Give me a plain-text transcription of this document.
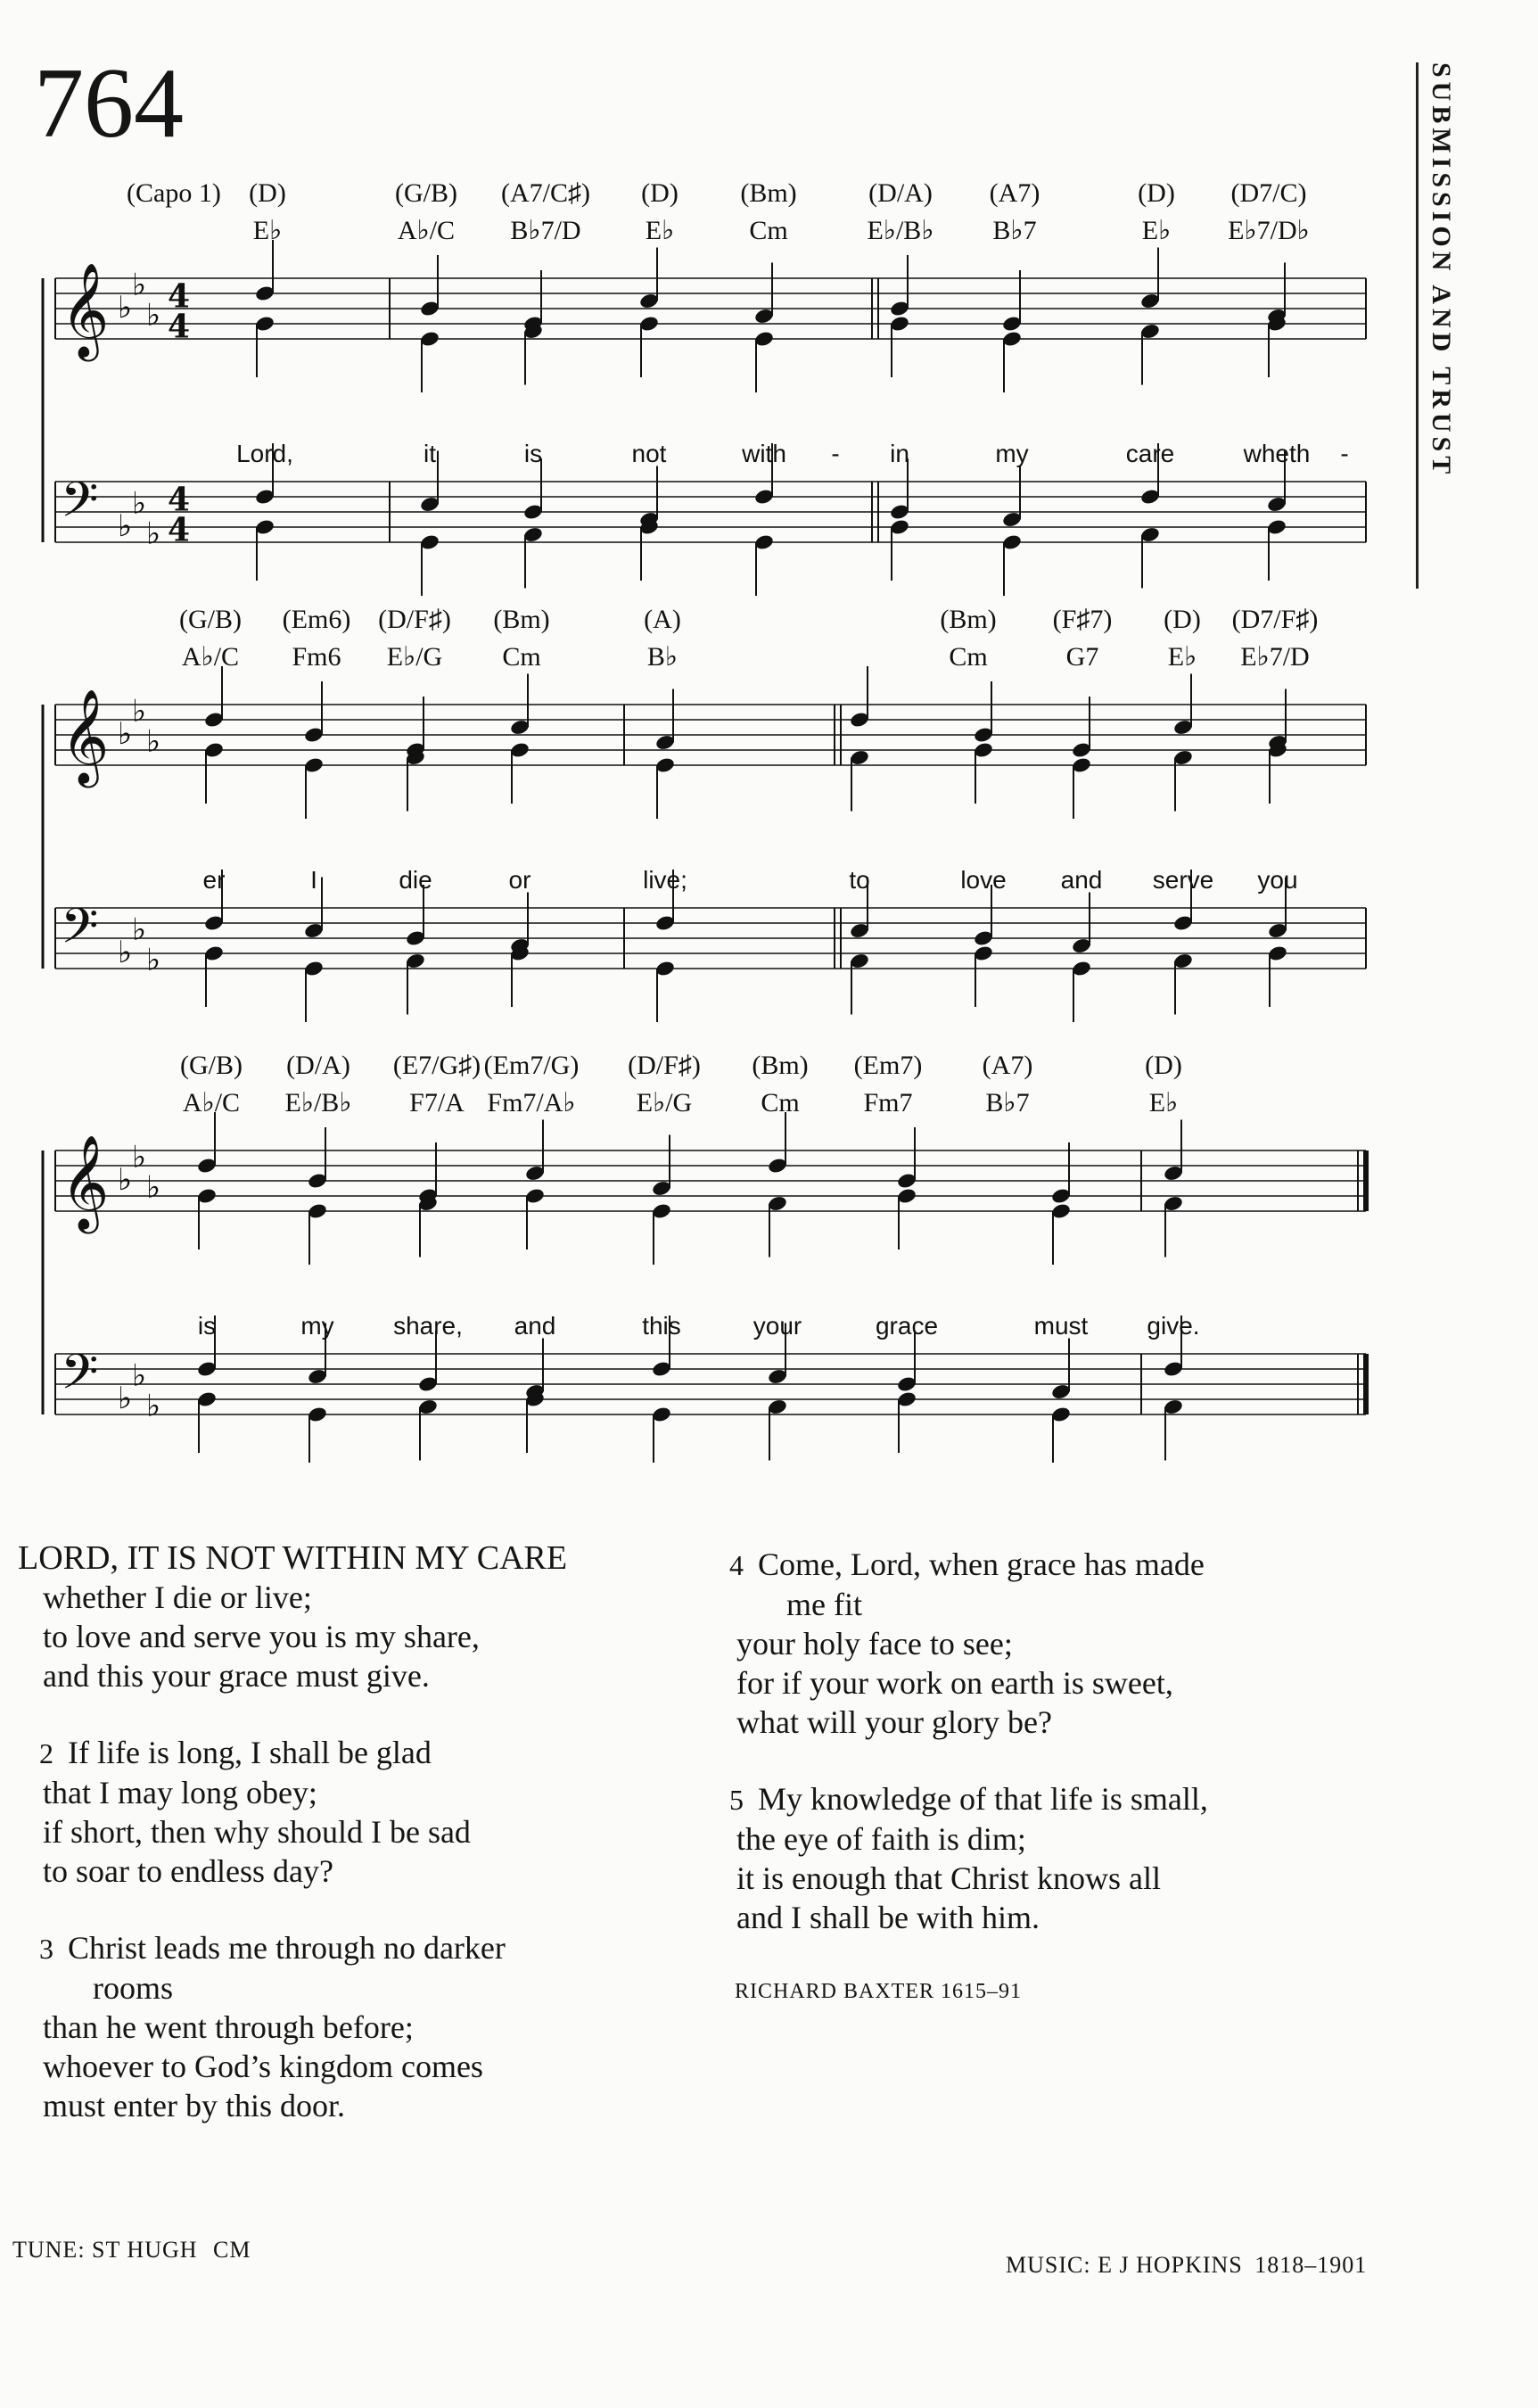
764	SUBMISSION AND TRUST
𝄞 ♭
♭
♭
4
4
𝄢 ♭
♭
♭
4
4
𝄞 ♭
♭
♭
𝄢 ♭
♭
♭
𝄞 ♭
♭
♭
𝄢 ♭
♭
♭
(Capo 1) (D)
E♭
(G/B)
A♭/C
(A7/C♯)
B♭7/D
(D)
E♭
(Bm)
Cm
(D/A)
E♭/B♭
(A7)
B♭7
(D)
E♭
(D7/C)
E♭7/D♭
(G/B)
A♭/C
(Em6)
Fm6
(D/F♯)
E♭/G
(Bm)
Cm
(A)
B♭
(Bm)
Cm
(F♯7)
G7
(D)
E♭
(D7/F♯)
E♭7/D
(G/B)
A♭/C
(D/A)
E♭/B♭
(E7/G♯)
F7/A
(Em7/G)
Fm7/A♭
(D/F♯)
E♭/G
(Bm)
Cm
(Em7)
Fm7
(A7)
B♭7
(D)
E♭
Lord,	it	is	not	with - in	my	care	wheth -
er	I	die	or	live;	to	love and serve you
is	my share, and	this	your	grace	must give.
LORD, IT IS NOT WITHIN MY CARE
whether I die or live;
to love and serve you is my share,
and this your grace must give.
2 If life is long, I shall be glad
that I may long obey;
if short, then why should I be sad
to soar to endless day?
3 Christ leads me through no darker
rooms
than he went through before;
whoever to God’s kingdom comes
must enter by this door.
4 Come, Lord, when grace has made
me fit
your holy face to see;
for if your work on earth is sweet,
what will your glory be?
5 My knowledge of that life is small,
the eye of faith is dim;
it is enough that Christ knows all
and I shall be with him.
RICHARD BAXTER 1615–91
TUNE: ST HUGH CM
MUSIC: E J HOPKINS 1818–1901
